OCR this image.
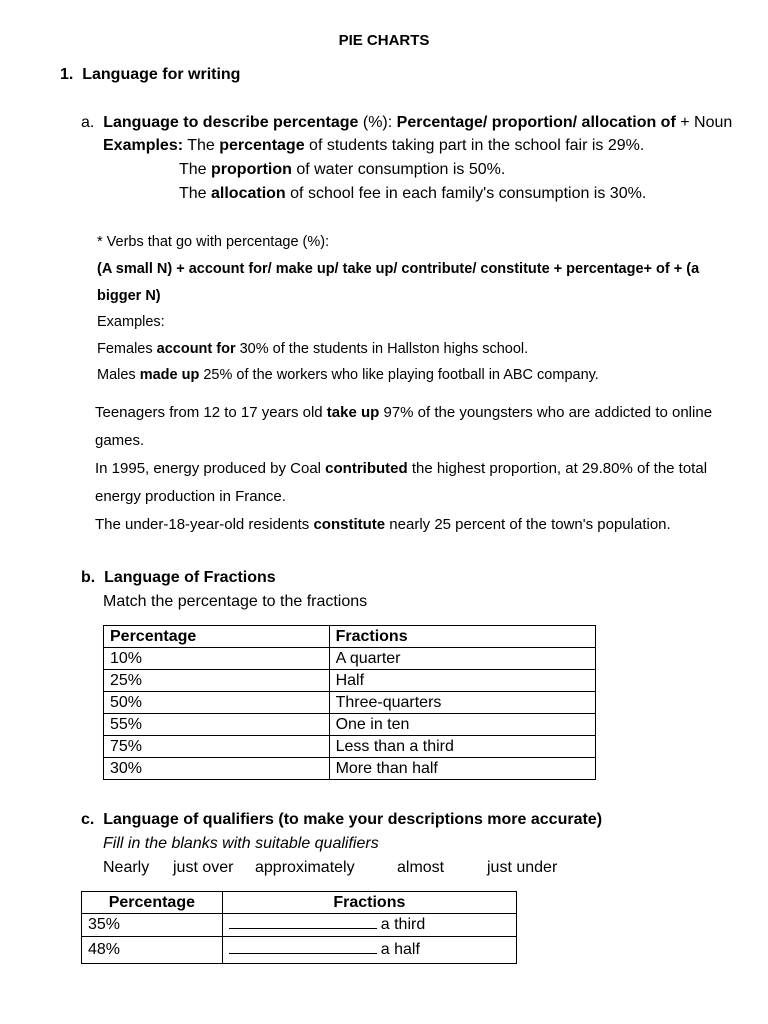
PIE CHARTS
1. Language for writing
a. Language to describe percentage (%): Percentage/ proportion/ allocation of + Noun
Examples: The percentage of students taking part in the school fair is 29%.
The proportion of water consumption is 50%.
The allocation of school fee in each family's consumption is 30%.
* Verbs that go with percentage (%):
(A small N) + account for/ make up/ take up/ contribute/ constitute + percentage+ of + (a
bigger N)
Examples:
Females account for 30% of the students in Hallston highs school.
Males made up 25% of the workers who like playing football in ABC company.
Teenagers from 12 to 17 years old take up 97% of the youngsters who are addicted to online
games.
In 1995, energy produced by Coal contributed the highest proportion, at 29.80% of the total
energy production in France.
The under-18-year-old residents constitute nearly 25 percent of the town's population.
b. Language of Fractions
Match the percentage to the fractions
Percentage	Fractions
10%	A quarter
25%	Half
50%	Three-quarters
55%	One in ten
75%	Less than a third
30%	More than half
c. Language of qualifiers (to make your descriptions more accurate)
Fill in the blanks with suitable qualifiers
Nearly just over approximately	almost	just under
Percentage	Fractions
35%	a third
48%	a half
